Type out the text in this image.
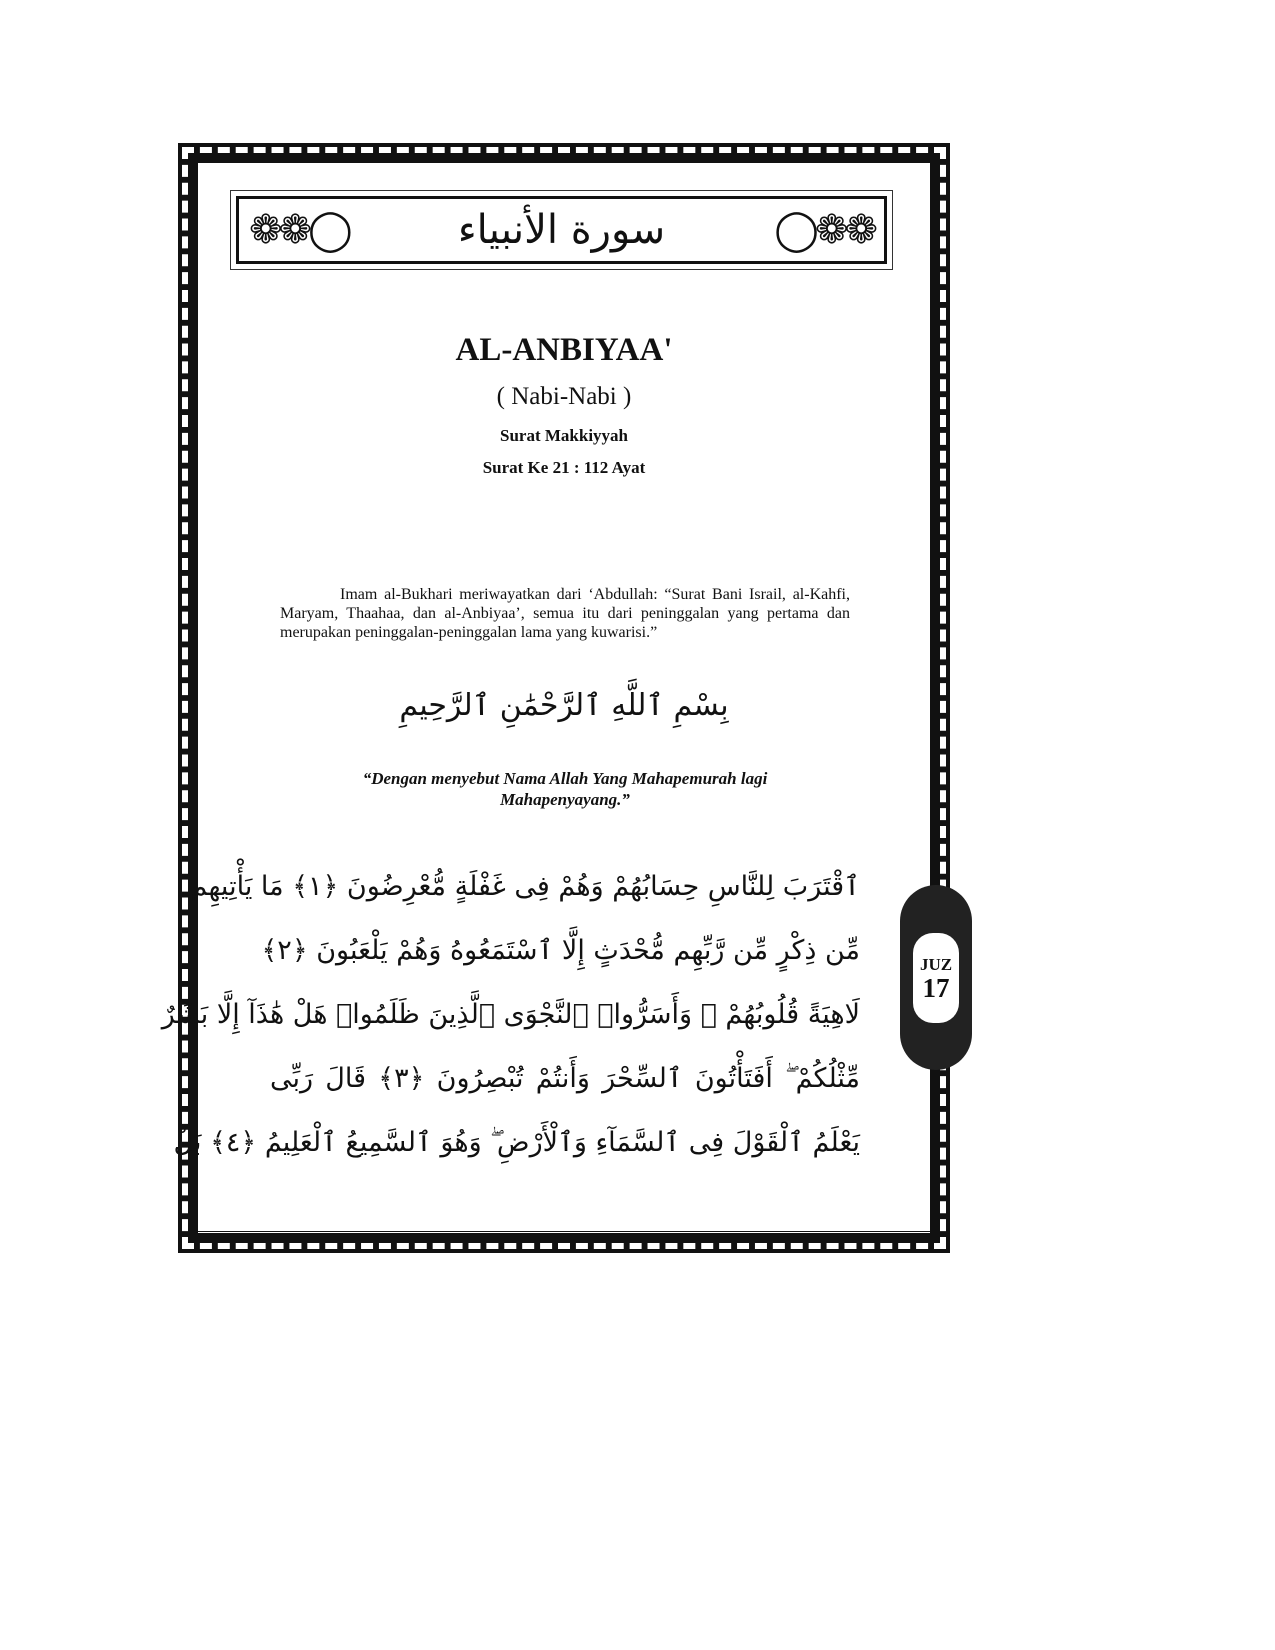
❁❁◯	سورة الأنبياء	◯❁❁
AL-ANBIYAA'
( Nabi-Nabi )
Surat Makkiyyah
Surat Ke 21 : 112 Ayat
Imam al-Bukhari meriwayatkan dari ‘Abdullah: “Surat Bani Israil, al-Kahfi, Maryam, Thaahaa, dan al-Anbiyaa’, semua itu dari peninggalan yang pertama dan merupakan peninggalan-peninggalan lama yang kuwarisi.”
بِسْمِ ٱللَّهِ ٱلرَّحْمَٰنِ ٱلرَّحِيمِ
“Dengan menyebut Nama Allah Yang Mahapemurah lagi Mahapenyayang.”
ٱقْتَرَبَ لِلنَّاسِ حِسَابُهُمْ وَهُمْ فِى غَفْلَةٍ مُّعْرِضُونَ ﴿١﴾ مَا يَأْتِيهِم
مِّن ذِكْرٍ مِّن رَّبِّهِم مُّحْدَثٍ إِلَّا ٱسْتَمَعُوهُ وَهُمْ يَلْعَبُونَ ﴿٢﴾
لَاهِيَةً قُلُوبُهُمْ ۗ وَأَسَرُّوا۟ ٱلنَّجْوَى ٱلَّذِينَ ظَلَمُوا۟ هَلْ هَٰذَآ إِلَّا بَشَرٌ
مِّثْلُكُمْ ۖ أَفَتَأْتُونَ ٱلسِّحْرَ وَأَنتُمْ تُبْصِرُونَ ﴿٣﴾ قَالَ رَبِّى
يَعْلَمُ ٱلْقَوْلَ فِى ٱلسَّمَآءِ وَٱلْأَرْضِ ۖ وَهُوَ ٱلسَّمِيعُ ٱلْعَلِيمُ ﴿٤﴾ بَلْ
JUZ
17
